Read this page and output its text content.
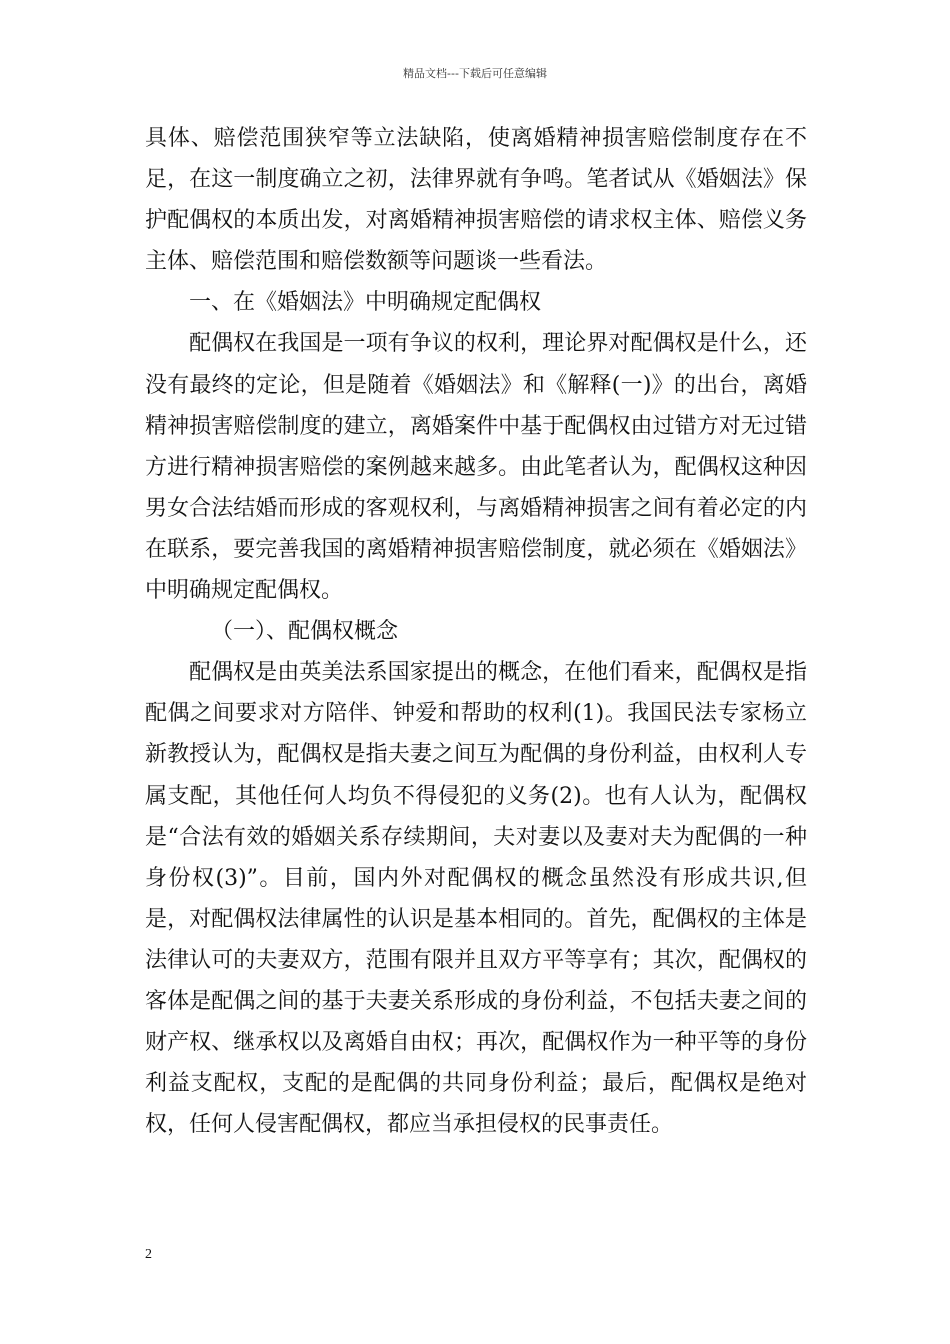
精品文档---下载后可任意编辑

具体、赔偿范围狭窄等立法缺陷，使离婚精神损害赔偿制度存在不足，在这一制度确立之初，法律界就有争鸣。笔者试从《婚姻法》保护配偶权的本质出发，对离婚精神损害赔偿的请求权主体、赔偿义务主体、赔偿范围和赔偿数额等问题谈一些看法。

一、在《婚姻法》中明确规定配偶权

配偶权在我国是一项有争议的权利，理论界对配偶权是什么，还没有最终的定论，但是随着《婚姻法》和《解释(一)》的出台，离婚精神损害赔偿制度的建立，离婚案件中基于配偶权由过错方对无过错方进行精神损害赔偿的案例越来越多。由此笔者认为，配偶权这种因男女合法结婚而形成的客观权利，与离婚精神损害之间有着必定的内在联系，要完善我国的离婚精神损害赔偿制度，就必须在《婚姻法》中明确规定配偶权。

（一）、配偶权概念

配偶权是由英美法系国家提出的概念，在他们看来，配偶权是指配偶之间要求对方陪伴、钟爱和帮助的权利(1)。我国民法专家杨立新教授认为，配偶权是指夫妻之间互为配偶的身份利益，由权利人专属支配，其他任何人均负不得侵犯的义务(2)。也有人认为，配偶权是“合法有效的婚姻关系存续期间，夫对妻以及妻对夫为配偶的一种身份权(3)”。目前，国内外对配偶权的概念虽然没有形成共识,但是，对配偶权法律属性的认识是基本相同的。首先，配偶权的主体是法律认可的夫妻双方，范围有限并且双方平等享有；其次，配偶权的客体是配偶之间的基于夫妻关系形成的身份利益，不包括夫妻之间的财产权、继承权以及离婚自由权；再次，配偶权作为一种平等的身份利益支配权，支配的是配偶的共同身份利益；最后，配偶权是绝对权，任何人侵害配偶权，都应当承担侵权的民事责任。

2
